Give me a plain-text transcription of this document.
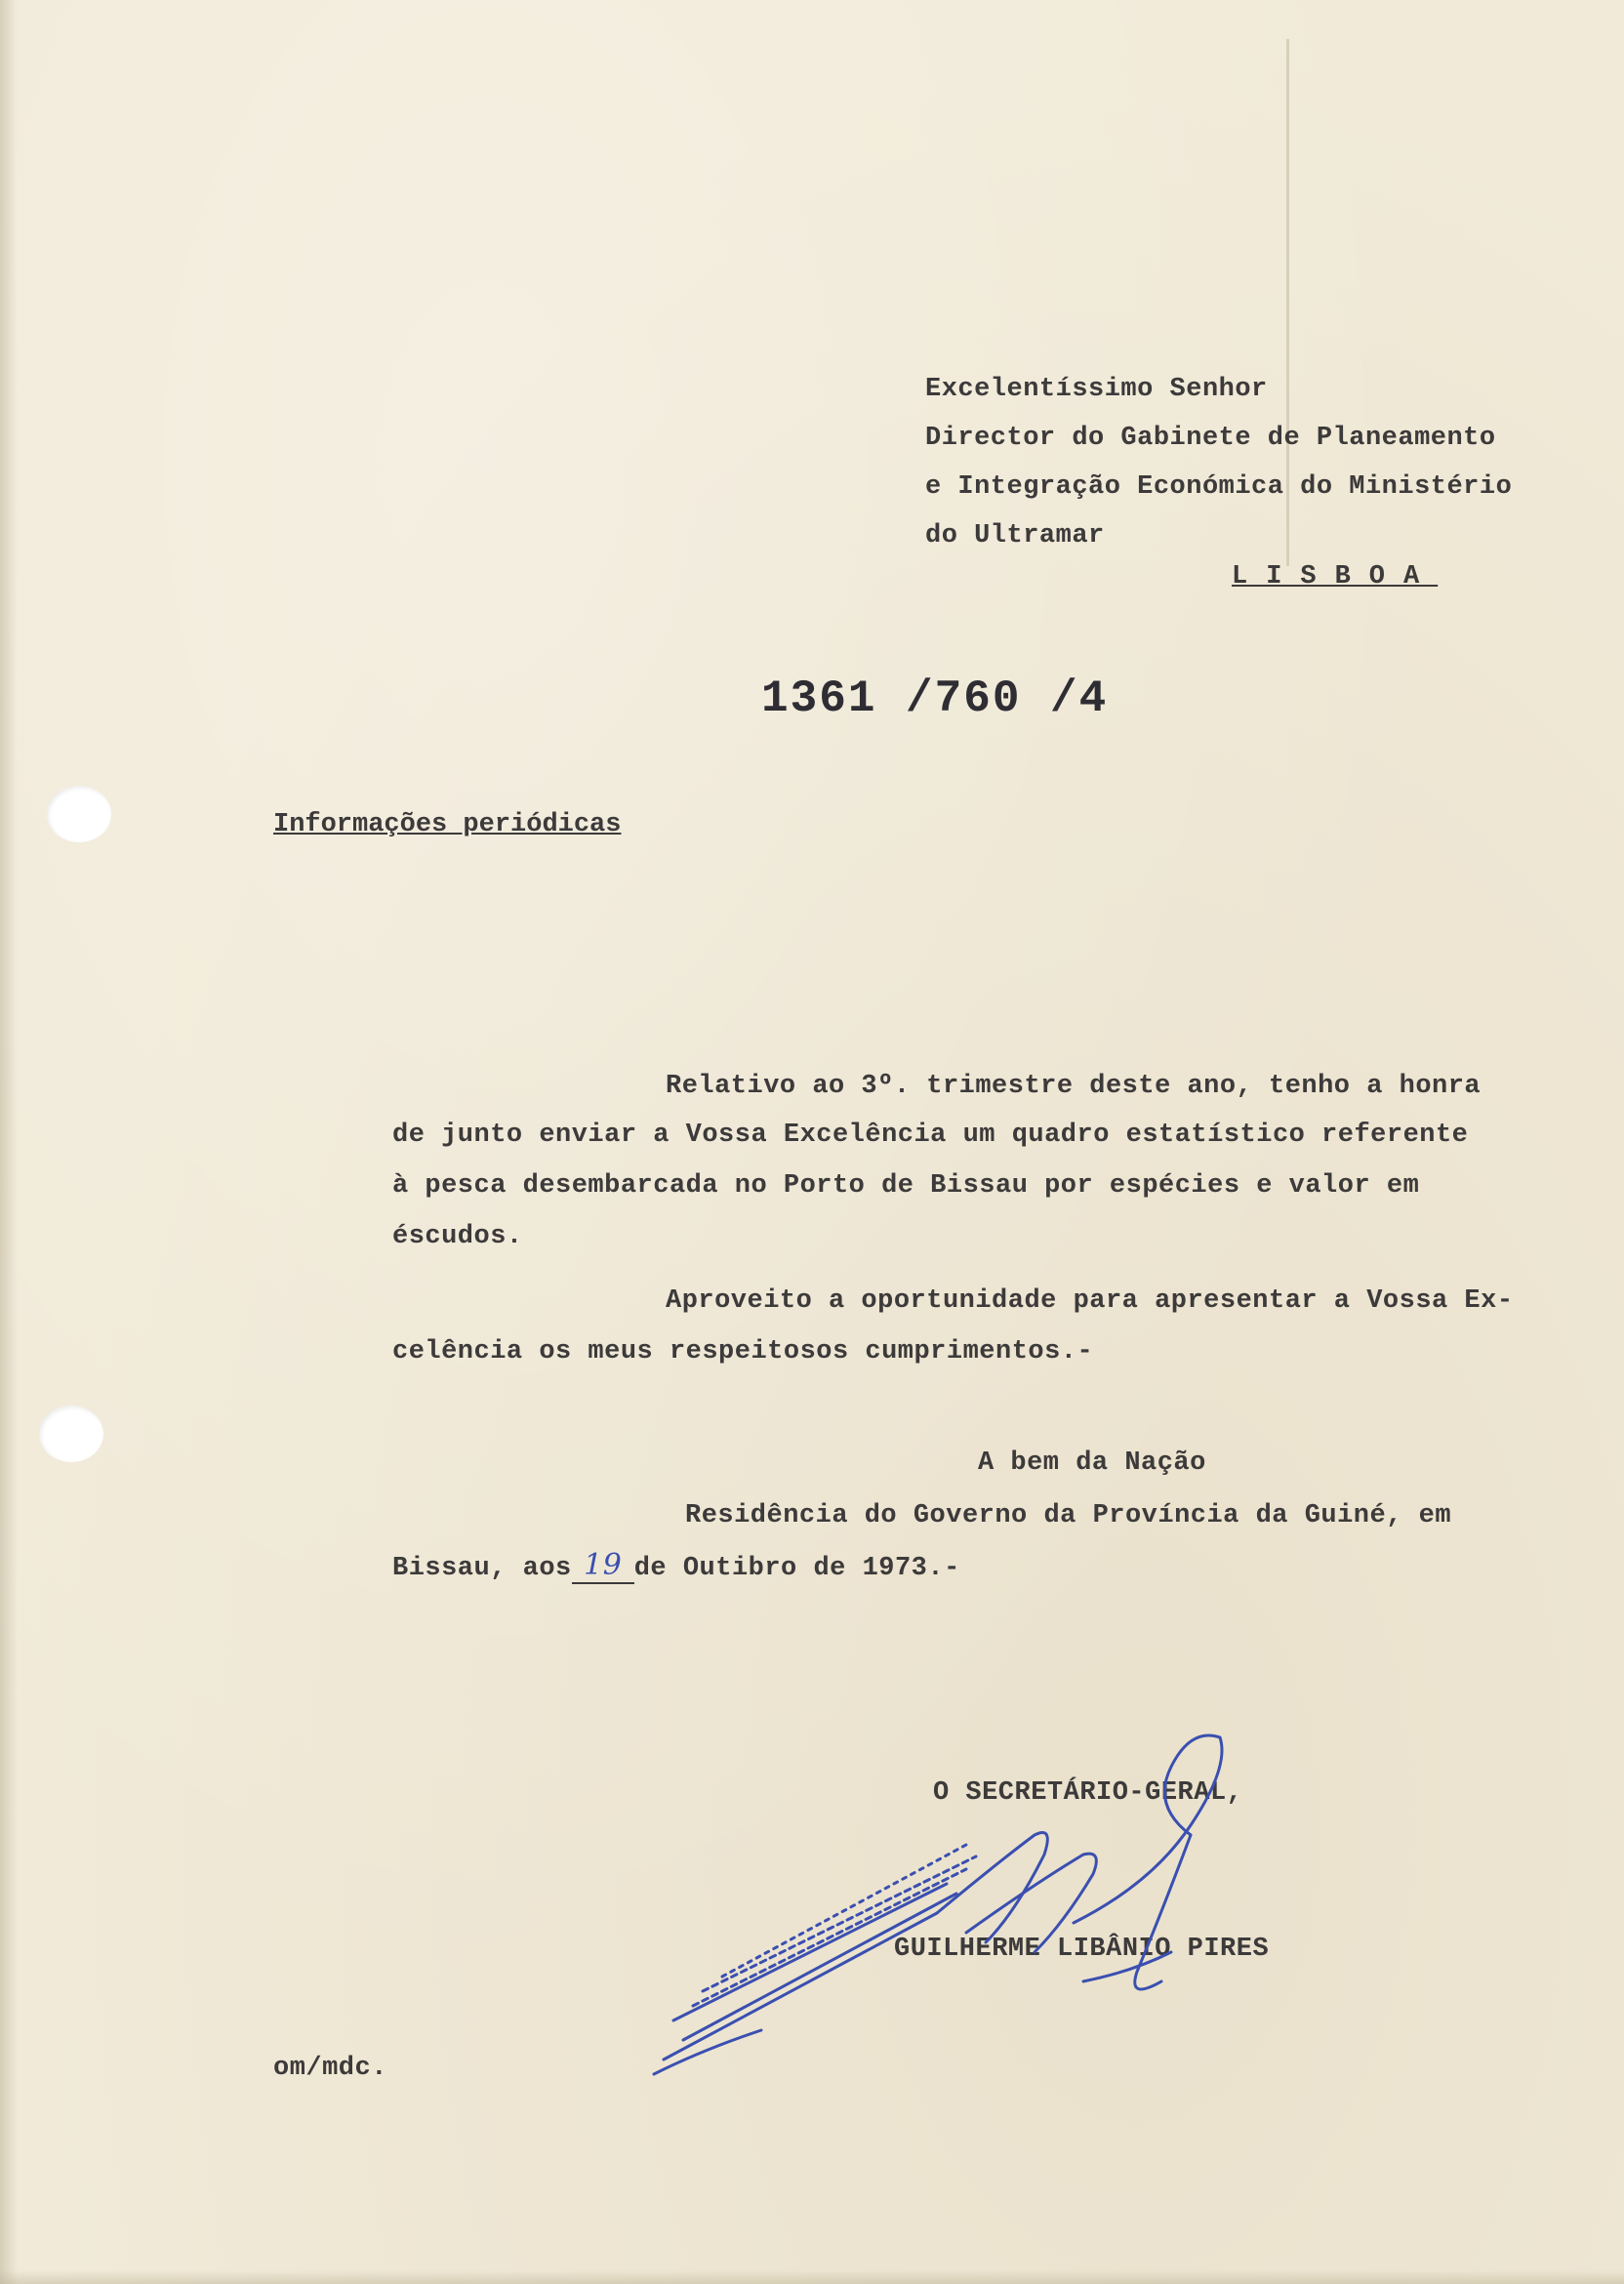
Excelentíssimo Senhor
Director do Gabinete de Planeamento
e Integração Económica do Ministério
do Ultramar
LISBOA
1361 /760 /4
Informações periódicas
Relativo ao 3º. trimestre deste ano, tenho a honra
de junto enviar a Vossa Excelência um quadro estatístico referente
à pesca desembarcada no Porto de Bissau por espécies e valor em
éscudos.
Aproveito a oportunidade para apresentar a Vossa Ex-
celência os meus respeitosos cumprimentos.-
A bem da Nação
Residência do Governo da Província da Guiné, em
Bissau, aos 19 de Outibro de 1973.-
O SECRETÁRIO-GERAL,
GUILHERME LIBÂNIO PIRES
om/mdc.
